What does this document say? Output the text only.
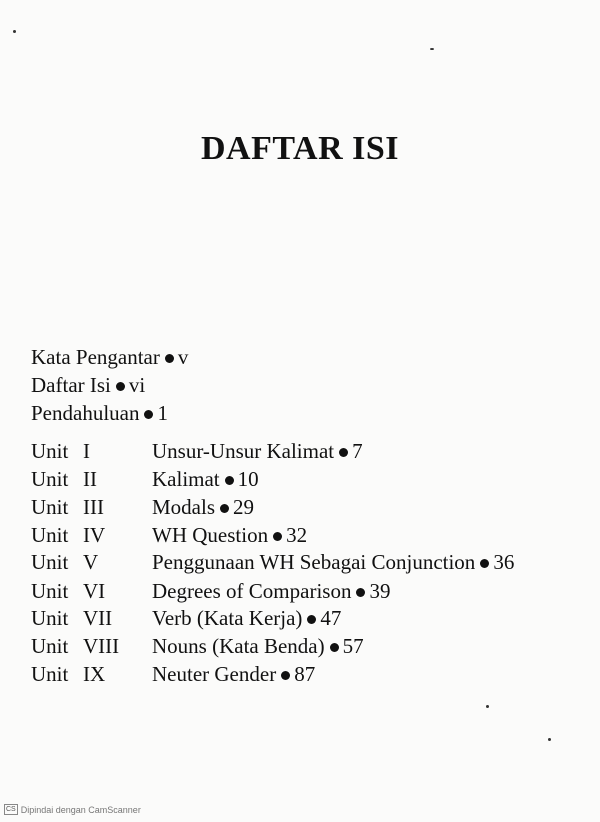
DAFTAR ISI
Kata Pengantar v
Daftar Isi vi
Pendahuluan 1
Unit I	Unsur-Unsur Kalimat 7
Unit II	Kalimat 10
Unit III Modals 29
Unit IV WH Question 32
Unit V	Penggunaan WH Sebagai Conjunction 36
Unit VI Degrees of Comparison 39
Unit VII Verb (Kata Kerja) 47
Unit VIII Nouns (Kata Benda) 57
Unit IX Neuter Gender 87
CS Dipindai dengan CamScanner
